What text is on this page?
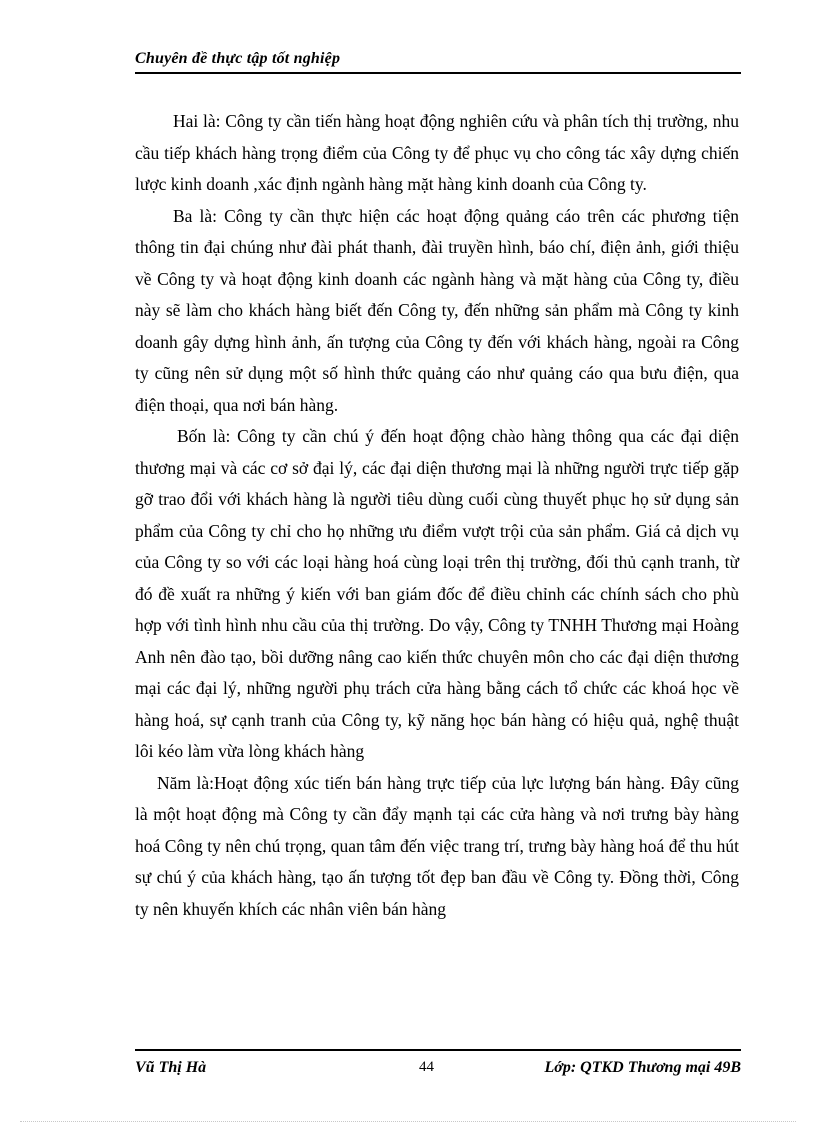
Chuyên đề thực tập tốt nghiệp

Hai là: Công ty cần tiến hàng hoạt động nghiên cứu và phân tích thị trường, nhu cầu tiếp khách hàng trọng điểm của Công ty để phục vụ cho công tác xây dựng chiến lược kinh doanh ,xác định ngành hàng mặt hàng kinh doanh của Công ty.

Ba là: Công ty cần thực hiện các hoạt động quảng cáo trên các phương tiện thông tin đại chúng như đài phát thanh, đài truyền hình, báo chí, điện ảnh, giới thiệu về Công ty và hoạt động kinh doanh các ngành hàng và mặt hàng của Công ty, điều này sẽ làm cho khách hàng biết đến Công ty, đến những sản phẩm mà Công ty kinh doanh gây dựng hình ảnh, ấn tượng của Công ty đến với khách hàng, ngoài ra Công ty cũng nên sử dụng một số hình thức quảng cáo như quảng cáo qua bưu điện, qua điện thoại, qua nơi bán hàng.

Bốn là: Công ty cần chú ý đến hoạt động chào hàng thông qua các đại diện thương mại và các cơ sở đại lý, các đại diện thương mại là những người trực tiếp gặp gỡ trao đổi với khách hàng là người tiêu dùng cuối cùng thuyết phục họ sử dụng sản phẩm của Công ty chỉ cho họ những ưu điểm vượt trội của sản phẩm. Giá cả dịch vụ của Công ty so với các loại hàng hoá cùng loại trên thị trường, đối thủ cạnh tranh, từ đó đề xuất ra những ý kiến với ban giám đốc để điều chỉnh các chính sách cho phù hợp với tình hình nhu cầu của thị trường. Do vậy, Công ty TNHH Thương mại Hoàng Anh nên đào tạo, bồi dưỡng nâng cao kiến thức chuyên môn cho các đại diện thương mại các đại lý, những người phụ trách cửa hàng bằng cách tổ chức các khoá học về hàng hoá, sự cạnh tranh của Công ty, kỹ năng học bán hàng có hiệu quả, nghệ thuật lôi kéo làm vừa lòng khách hàng

Năm là:Hoạt động xúc tiến bán hàng trực tiếp của lực lượng bán hàng. Đây cũng là một hoạt động mà Công ty cần đẩy mạnh tại các cửa hàng và nơi trưng bày hàng hoá Công ty nên chú trọng, quan tâm đến việc trang trí, trưng bày hàng hoá để thu hút sự chú ý của khách hàng, tạo ấn tượng tốt đẹp ban đầu về Công ty. Đồng thời, Công ty nên khuyến khích các nhân viên bán hàng

Vũ Thị Hà	44	Lớp: QTKD Thương mại 49B
